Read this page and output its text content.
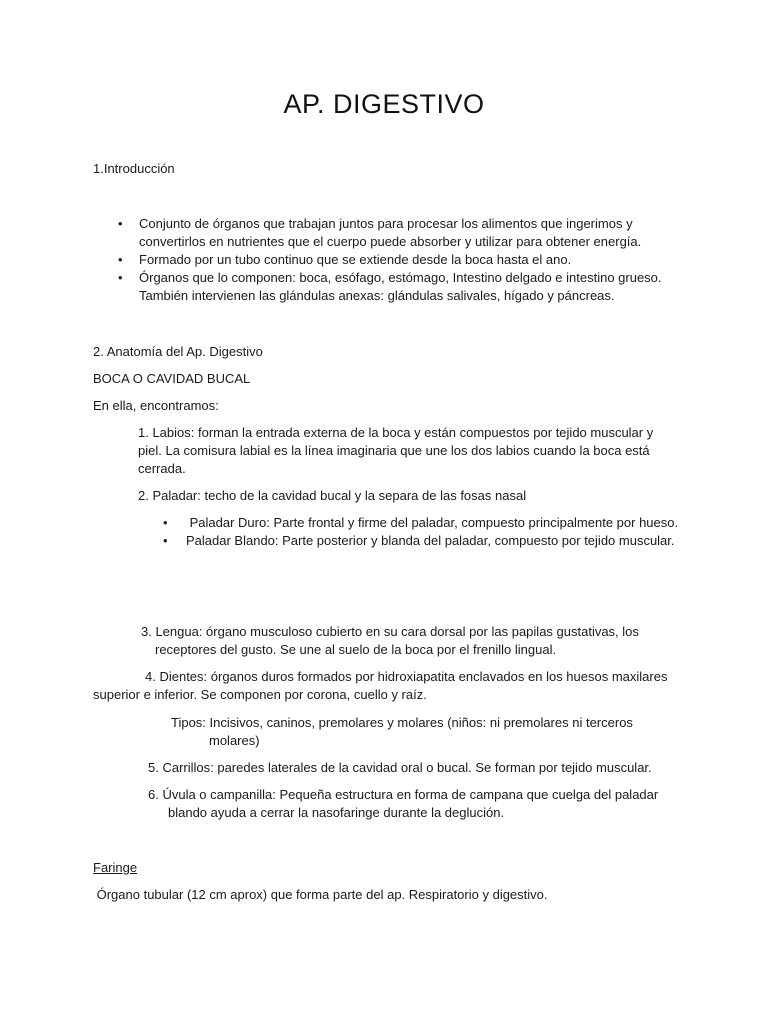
AP. DIGESTIVO
1.Introducción
• Conjunto de órganos que trabajan juntos para procesar los alimentos que ingerimos y convertirlos en nutrientes que el cuerpo puede absorber y utilizar para obtener energía.
• Formado por un tubo continuo que se extiende desde la boca hasta el ano.
• Órganos que lo componen: boca, esófago, estómago, Intestino delgado e intestino grueso. También intervienen las glándulas anexas: glándulas salivales, hígado y páncreas.
2. Anatomía del Ap. Digestivo
BOCA O CAVIDAD BUCAL
En ella, encontramos:
1. Labios: forman la entrada externa de la boca y están compuestos por tejido muscular y piel. La comisura labial es la línea imaginaria que une los dos labios cuando la boca está cerrada.
2. Paladar: techo de la cavidad bucal y la separa de las fosas nasal
• Paladar Duro: Parte frontal y firme del paladar, compuesto principalmente por hueso.
• Paladar Blando: Parte posterior y blanda del paladar, compuesto por tejido muscular.
3. Lengua: órgano musculoso cubierto en su cara dorsal por las papilas gustativas, los
receptores del gusto. Se une al suelo de la boca por el frenillo lingual.
4. Dientes: órganos duros formados por hidroxiapatita enclavados en los huesos maxilares
superior e inferior. Se componen por corona, cuello y raíz.
Tipos: Incisivos, caninos, premolares y molares (niños: ni premolares ni terceros
molares)
5. Carrillos: paredes laterales de la cavidad oral o bucal. Se forman por tejido muscular.
6. Úvula o campanilla: Pequeña estructura en forma de campana que cuelga del paladar
blando ayuda a cerrar la nasofaringe durante la deglución.
Faringe
Órgano tubular (12 cm aprox) que forma parte del ap. Respiratorio y digestivo.
